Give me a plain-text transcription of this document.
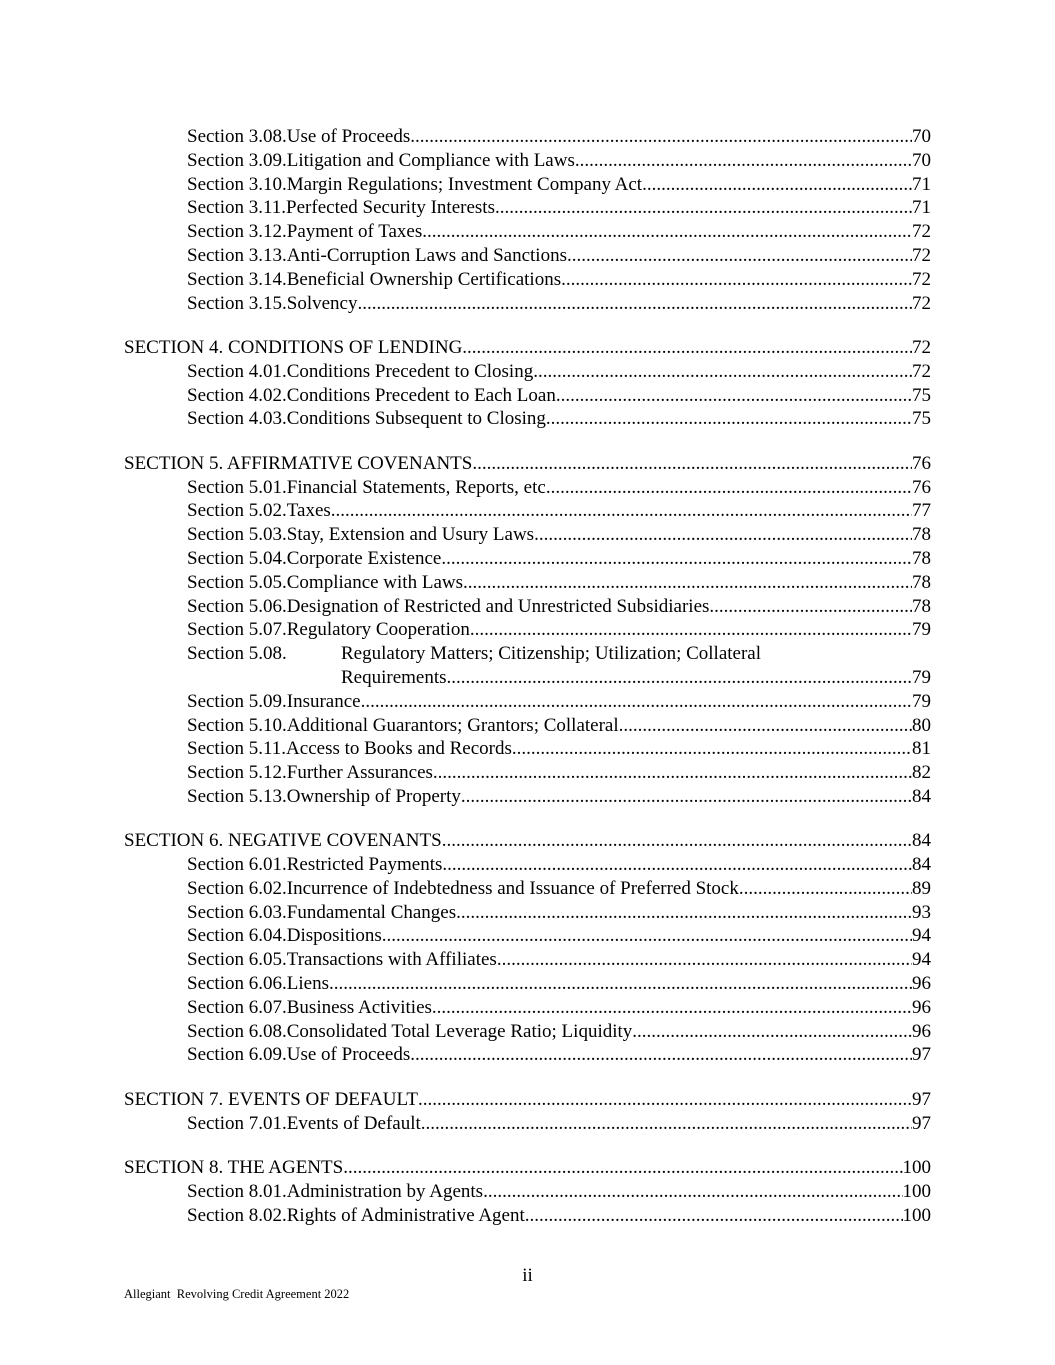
Section 3.08. Use of Proceeds .....	70
Section 3.09. Litigation and Compliance with Laws .....	70
Section 3.10. Margin Regulations; Investment Company Act .....	71
Section 3.11. Perfected Security Interests .....	71
Section 3.12. Payment of Taxes .....	72
Section 3.13. Anti-Corruption Laws and Sanctions .....	72
Section 3.14. Beneficial Ownership Certifications .....	72
Section 3.15. Solvency .....	72
SECTION 4. CONDITIONS OF LENDING .....	72
Section 4.01. Conditions Precedent to Closing .....	72
Section 4.02. Conditions Precedent to Each Loan .....	75
Section 4.03. Conditions Subsequent to Closing .....	75
SECTION 5. AFFIRMATIVE COVENANTS .....	76
Section 5.01. Financial Statements, Reports, etc. .....	76
Section 5.02. Taxes .....	77
Section 5.03. Stay, Extension and Usury Laws .....	78
Section 5.04. Corporate Existence .....	78
Section 5.05. Compliance with Laws .....	78
Section 5.06. Designation of Restricted and Unrestricted Subsidiaries .....	78
Section 5.07. Regulatory Cooperation .....	79
Section 5.08.	Regulatory Matters; Citizenship; Utilization; Collateral
Requirements .....	79
Section 5.09. Insurance .....	79
Section 5.10. Additional Guarantors; Grantors; Collateral .....	80
Section 5.11. Access to Books and Records .....	81
Section 5.12. Further Assurances .....	82
Section 5.13. Ownership of Property .....	84
SECTION 6. NEGATIVE COVENANTS .....	84
Section 6.01. Restricted Payments .....	84
Section 6.02. Incurrence of Indebtedness and Issuance of Preferred Stock .....	89
Section 6.03. Fundamental Changes .....	93
Section 6.04. Dispositions .....	94
Section 6.05. Transactions with Affiliates .....	94
Section 6.06. Liens .....	96
Section 6.07. Business Activities .....	96
Section 6.08. Consolidated Total Leverage Ratio; Liquidity .....	96
Section 6.09. Use of Proceeds .....	97
SECTION 7. EVENTS OF DEFAULT .....	97
Section 7.01. Events of Default .....	97
SECTION 8. THE AGENTS .....	100
Section 8.01. Administration by Agents .....	100
Section 8.02. Rights of Administrative Agent .....	100
ii
Allegiant  Revolving Credit Agreement 2022
